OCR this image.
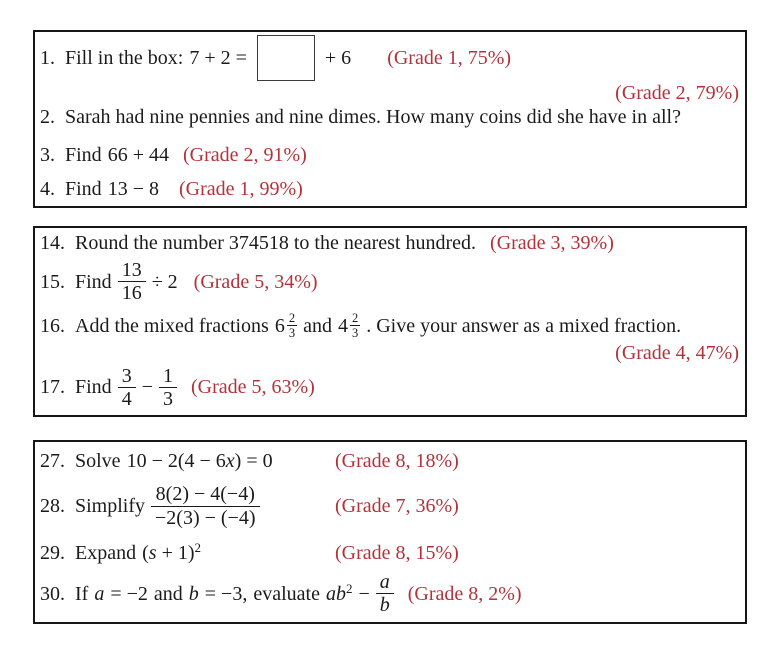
1. Fill in the box: 7 + 2 =	+ 6 (Grade 1, 75%)
(Grade 2, 79%)
2. Sarah had nine pennies and nine dimes. How many coins did she have in all?
3. Find 66 + 44 (Grade 2, 91%)
4. Find 13 − 8 (Grade 1, 99%)
14. Round the number 374518 to the nearest hundred. (Grade 3, 39%)
15. Find $\frac{13}{16} \div 2$ (Grade 5, 34%)
16. Add the mixed fractions $6 \frac{2}{3}$ and $4 \frac{2}{3}$ . Give your answer as a mixed fraction.
(Grade 4, 47%)
17. Find $\frac{3}{4} - \frac{1}{3}$ (Grade 5, 63%)
27. Solve 10 − 2(4 − 6x) = 0	(Grade 8, 18%)
28. Simplify $\frac{8(2) - 4(-4)}{-2(3) - (-4)}$	(Grade 7, 36%)
29. Expand $(s + 1)^2$	(Grade 8, 15%)
30. If a = −2 and b = −3, evaluate $ab^2 - \frac{a}{b}$ (Grade 8, 2%)
